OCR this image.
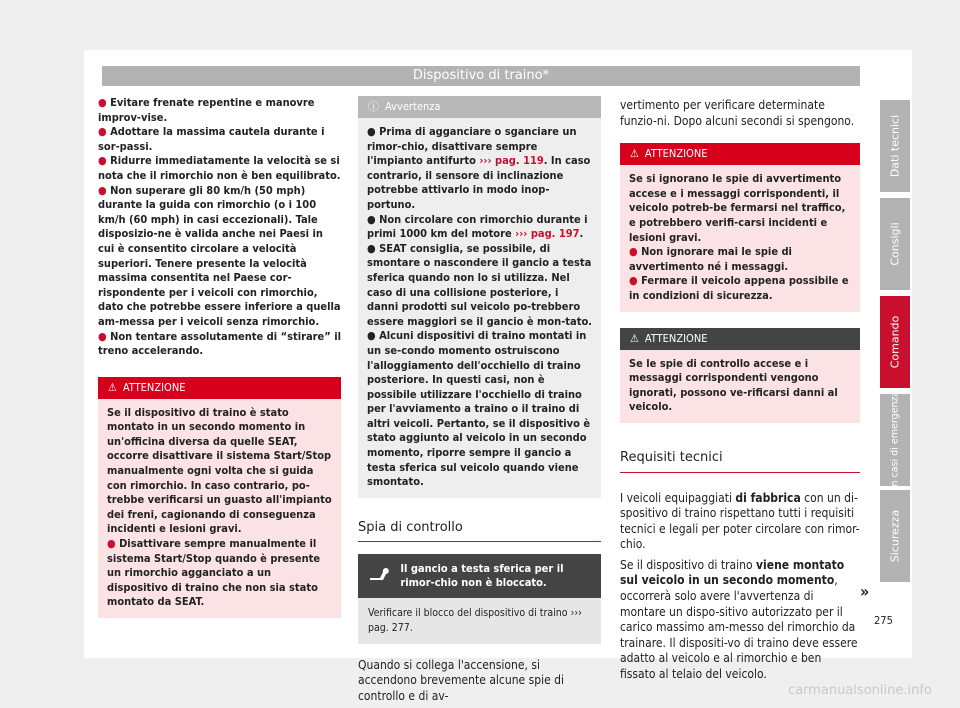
Dispositivo di traino*
● Evitare frenate repentine e manovre improv-vise.
● Adottare la massima cautela durante i sor-passi.
● Ridurre immediatamente la velocità se si nota che il rimorchio non è ben equilibrato.
● Non superare gli 80 km/h (50 mph) durante la guida con rimorchio (o i 100 km/h (60 mph) in casi eccezionali). Tale disposizio-ne è valida anche nei Paesi in cui è consentito circolare a velocità superiori. Tenere presente la velocità massima consentita nel Paese cor-rispondente per i veicoli con rimorchio, dato che potrebbe essere inferiore a quella am-messa per i veicoli senza rimorchio.
● Non tentare assolutamente di “stirare” il treno accelerando.
⚠ ATTENZIONE
Se il dispositivo di traino è stato montato in un secondo momento in un'officina diversa da quelle SEAT, occorre disattivare il sistema Start/Stop manualmente ogni volta che si guida con rimorchio. In caso contrario, po-trebbe verificarsi un guasto all'impianto dei freni, cagionando di conseguenza incidenti e lesioni gravi.
● Disattivare sempre manualmente il sistema Start/Stop quando è presente un rimorchio agganciato a un dispositivo di traino che non sia stato montato da SEAT.
ⓘ Avvertenza
● Prima di agganciare o sganciare un rimor-chio, disattivare sempre l'impianto antifurto ››› pag. 119. In caso contrario, il sensore di inclinazione potrebbe attivarlo in modo inop-portuno.
● Non circolare con rimorchio durante i primi 1000 km del motore ››› pag. 197.
● SEAT consiglia, se possibile, di smontare o nascondere il gancio a testa sferica quando non lo si utilizza. Nel caso di una collisione posteriore, i danni prodotti sul veicolo po-trebbero essere maggiori se il gancio è mon-tato.
● Alcuni dispositivi di traino montati in un se-condo momento ostruiscono l'alloggiamento dell'occhiello di traino posteriore. In questi casi, non è possibile utilizzare l'occhiello di traino per l'avviamento a traino o il traino di altri veicoli. Pertanto, se il dispositivo è stato aggiunto al veicolo in un secondo momento, riporre sempre il gancio a testa sferica sul veicolo quando viene smontato.
Spia di controllo
Il gancio a testa sferica per il rimor-chio non è bloccato.
Verificare il blocco del dispositivo di traino ››› pag. 277.
Quando si collega l'accensione, si accendono brevemente alcune spie di controllo e di av-
vertimento per verificare determinate funzio-ni. Dopo alcuni secondi si spengono.
⚠ ATTENZIONE
Se si ignorano le spie di avvertimento accese e i messaggi corrispondenti, il veicolo potreb-be fermarsi nel traffico, e potrebbero verifi-carsi incidenti e lesioni gravi.
● Non ignorare mai le spie di avvertimento né i messaggi.
● Fermare il veicolo appena possibile e in condizioni di sicurezza.
⚠ ATTENZIONE
Se le spie di controllo accese e i messaggi corrispondenti vengono ignorati, possono ve-rificarsi danni al veicolo.
Requisiti tecnici
I veicoli equipaggiati di fabbrica con un di-spositivo di traino rispettano tutti i requisiti tecnici e legali per poter circolare con rimor-chio.
Se il dispositivo di traino viene montato sul veicolo in un secondo momento, occorrerà solo avere l'avvertenza di montare un dispo-sitivo autorizzato per il carico massimo am-messo del rimorchio da trainare. Il dispositi-vo di traino deve essere adatto al veicolo e al rimorchio e ben fissato al telaio del veicolo.
»
Dati tecnici
Consigli
Comando
In casi di emergenza
Sicurezza
275
carmanualsonline.info
